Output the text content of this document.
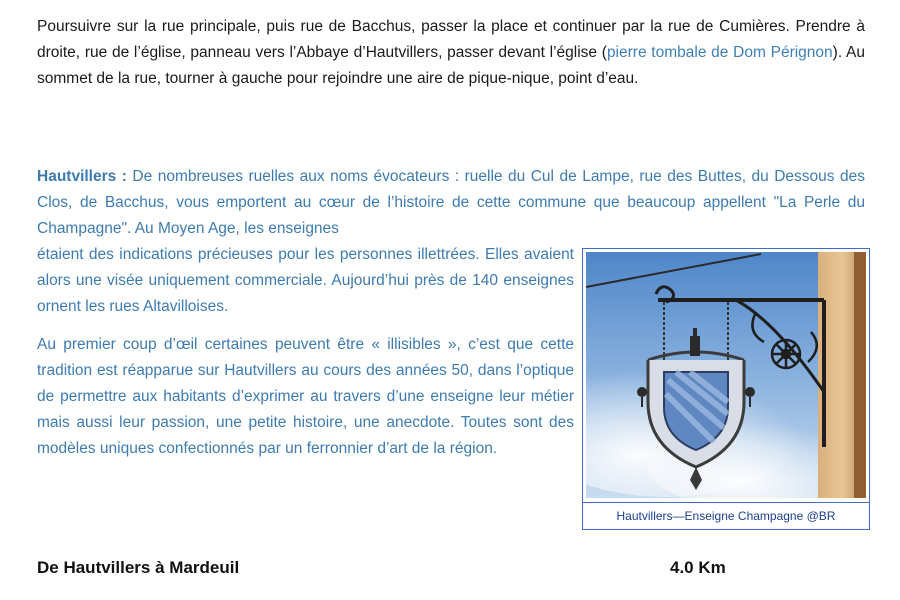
Poursuivre sur la rue principale, puis rue de Bacchus, passer la place et continuer par la rue de Cumières. Prendre à droite, rue de l’église, panneau vers l’Abbaye d’Hautvillers, passer devant l’église (pierre tombale de Dom Pérignon). Au sommet de la rue, tourner à gauche pour rejoindre une aire de pique-nique, point d’eau.

Hautvillers : De nombreuses ruelles aux noms évocateurs : ruelle du Cul de Lampe, rue des Buttes, du Dessous des Clos, de Bacchus, vous emportent au cœur de l’histoire de cette commune que beaucoup appellent "La Perle du Champagne". Au Moyen Age, les enseignes

étaient des indications précieuses pour les personnes illettrées. Elles avaient alors une visée uniquement commerciale. Aujourd’hui près de 140 enseignes ornent les rues Altavilloises.

Au premier coup d’œil certaines peuvent être « illisibles », c’est que cette tradition est réapparue sur Hautvillers au cours des années 50, dans l’optique de permettre aux habitants d’exprimer au travers d’une enseigne leur métier mais aussi leur passion, une petite histoire, une anecdote. Toutes sont des modèles uniques confectionnés par un ferronnier d’art de la région.

Hautvillers—Enseigne Champagne @BR
De Hautvillers à Mardeuil	4.0 Km
